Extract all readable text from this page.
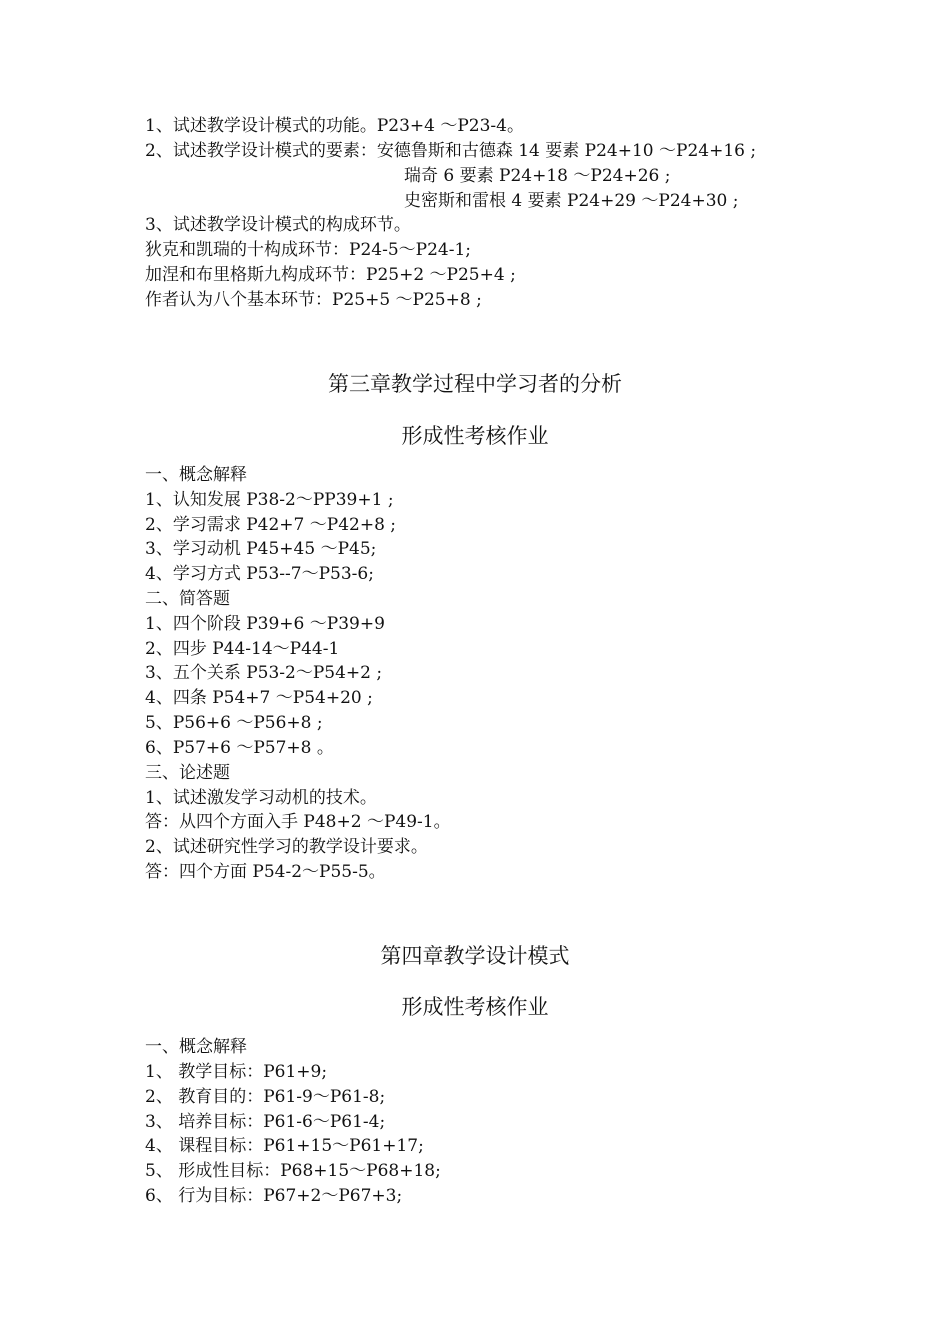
1、试述教学设计模式的功能。P23+4 ～P23-4。
2、试述教学设计模式的要素：安德鲁斯和古德森 14 要素 P24+10 ～P24+16 ;
瑞奇 6 要素 P24+18 ～P24+26 ;
史密斯和雷根 4 要素 P24+29 ～P24+30 ;
3、试述教学设计模式的构成环节。
狄克和凯瑞的十构成环节：P24-5～P24-1;
加涅和布里格斯九构成环节：P25+2 ～P25+4 ;
作者认为八个基本环节：P25+5 ～P25+8 ;
第三章教学过程中学习者的分析
形成性考核作业
一、概念解释
1、认知发展 P38-2～PP39+1 ;
2、学习需求 P42+7 ～P42+8 ;
3、学习动机 P45+45 ～P45;
4、学习方式 P53--7～P53-6;
二、简答题
1、四个阶段 P39+6 ～P39+9
2、四步 P44-14～P44-1
3、五个关系 P53-2～P54+2 ;
4、四条 P54+7 ～P54+20 ;
5、P56+6 ～P56+8 ;
6、P57+6 ～P57+8 。
三、论述题
1、试述激发学习动机的技术。
答：从四个方面入手 P48+2 ～P49-1。
2、试述研究性学习的教学设计要求。
答：四个方面 P54-2～P55-5。
第四章教学设计模式
形成性考核作业
一、概念解释
1、 教学目标：P61+9;
2、 教育目的：P61-9～P61-8;
3、 培养目标：P61-6～P61-4;
4、 课程目标：P61+15～P61+17;
5、 形成性目标：P68+15～P68+18;
6、 行为目标：P67+2～P67+3;
